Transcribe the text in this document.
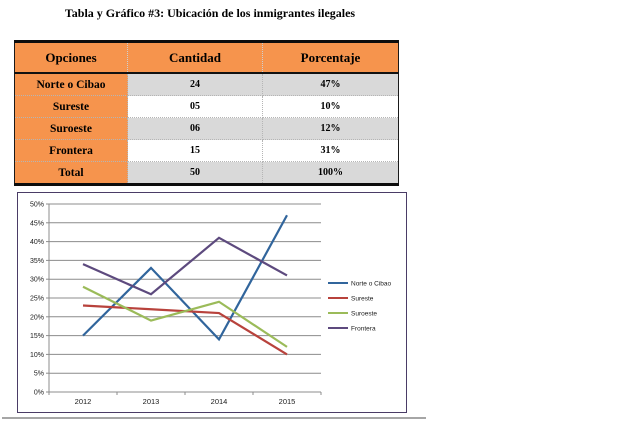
Tabla y Gráfico #3: Ubicación de los inmigrantes ilegales
Opciones	Cantidad	Porcentaje
Norte o Cibao	24	47%
Sureste	05	10%
Suroeste	06	12%
Frontera	15	31%
Total	50	100%
0%
5%
10%
15%
20%
25%
30%
35%
40%
45%
50%
2012	2013	2014	2015
Norte o Cibao
Sureste
Suroeste
Frontera
